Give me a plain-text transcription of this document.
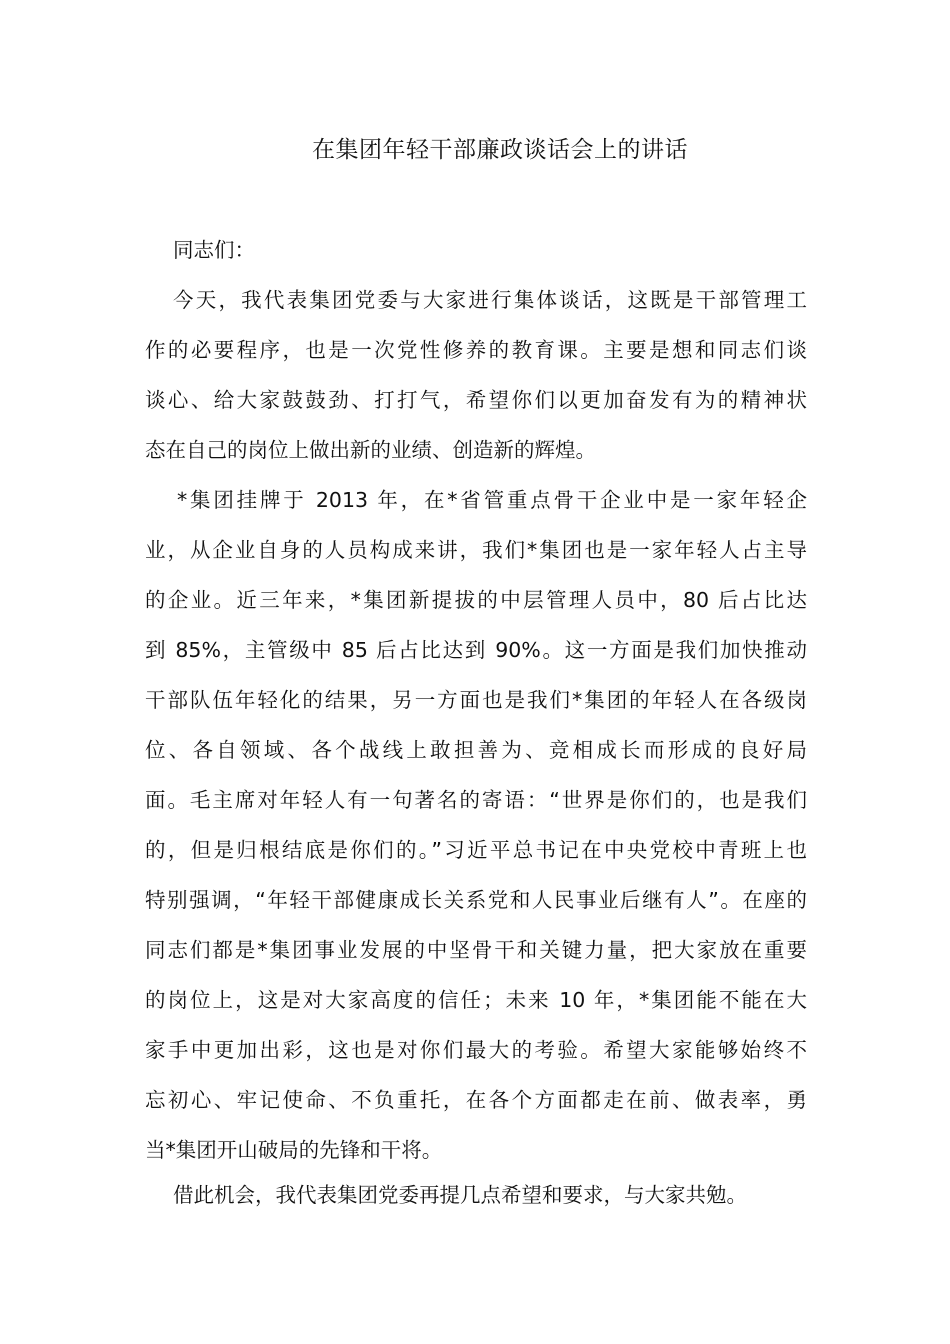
在集团年轻干部廉政谈话会上的讲话

同志们：

今天，我代表集团党委与大家进行集体谈话，这既是干部管理工
作的必要程序，也是一次党性修养的教育课。主要是想和同志们谈
谈心、给大家鼓鼓劲、打打气，希望你们以更加奋发有为的精神状
态在自己的岗位上做出新的业绩、创造新的辉煌。
*集团挂牌于 2013 年，在*省管重点骨干企业中是一家年轻企
业，从企业自身的人员构成来讲，我们*集团也是一家年轻人占主导
的企业。近三年来，*集团新提拔的中层管理人员中，80 后占比达
到 85%，主管级中 85 后占比达到 90%。这一方面是我们加快推动
干部队伍年轻化的结果，另一方面也是我们*集团的年轻人在各级岗
位、各自领域、各个战线上敢担善为、竞相成长而形成的良好局
面。毛主席对年轻人有一句著名的寄语：“世界是你们的，也是我们
的，但是归根结底是你们的。”习近平总书记在中央党校中青班上也
特别强调，“年轻干部健康成长关系党和人民事业后继有人”。在座的
同志们都是*集团事业发展的中坚骨干和关键力量，把大家放在重要
的岗位上，这是对大家高度的信任；未来 10 年，*集团能不能在大
家手中更加出彩，这也是对你们最大的考验。希望大家能够始终不
忘初心、牢记使命、不负重托，在各个方面都走在前、做表率，勇
当*集团开山破局的先锋和干将。

借此机会，我代表集团党委再提几点希望和要求，与大家共勉。
